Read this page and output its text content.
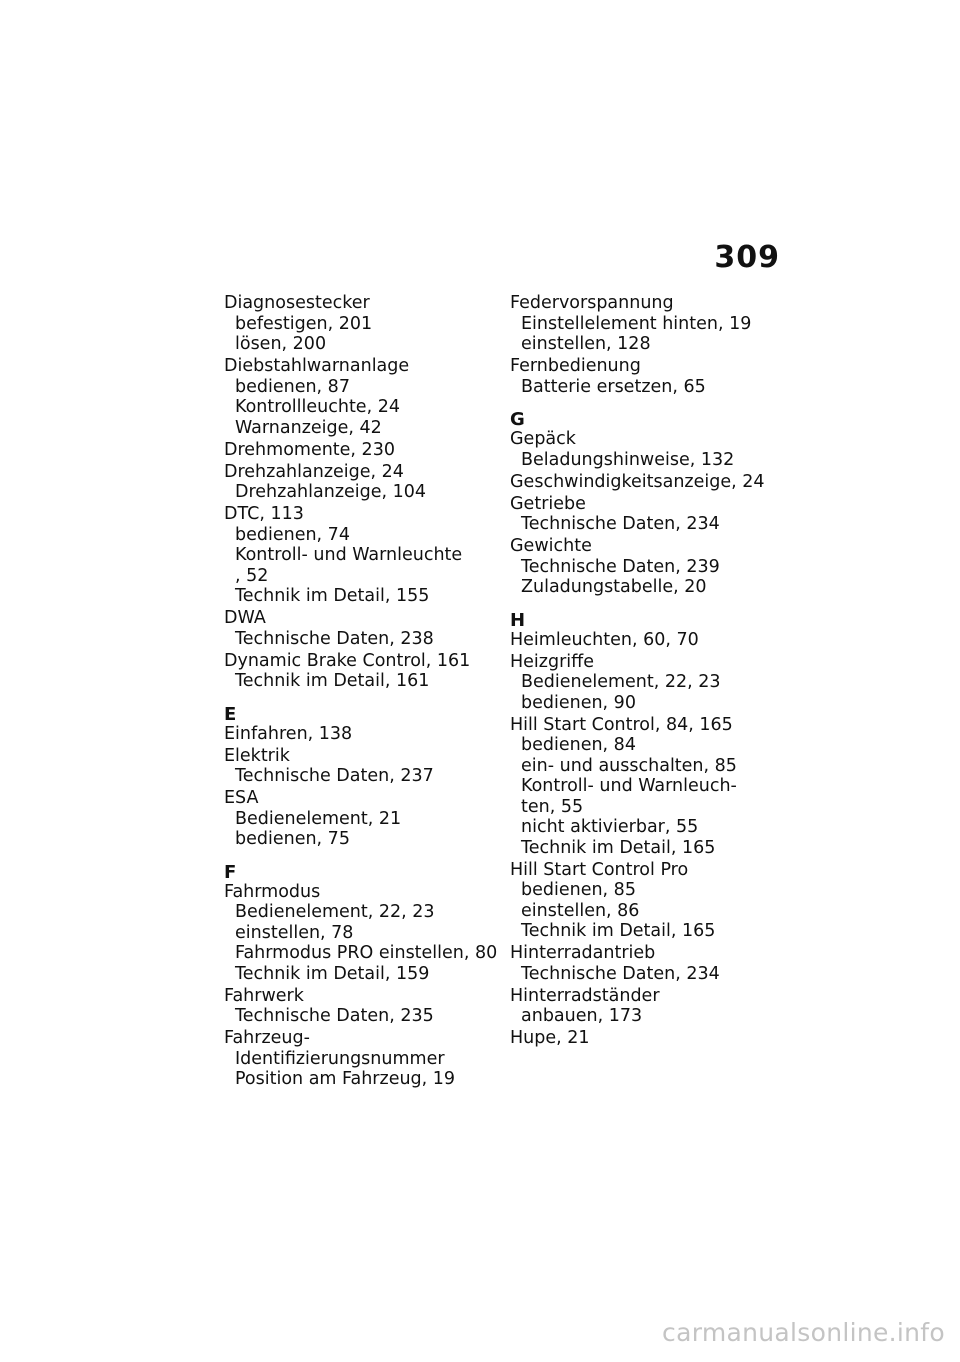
309
Diagnosestecker
befestigen, 201
lösen, 200
Diebstahlwarnanlage
bedienen, 87
Kontrollleuchte, 24
Warnanzeige, 42
Drehmomente, 230
Drehzahlanzeige, 24
Drehzahlanzeige, 104
DTC, 113
bedienen, 74
Kontroll- und Warnleuchte
, 52
Technik im Detail, 155
DWA
Technische Daten, 238
Dynamic Brake Control, 161
Technik im Detail, 161
E
Einfahren, 138
Elektrik
Technische Daten, 237
ESA
Bedienelement, 21
bedienen, 75
F
Fahrmodus
Bedienelement, 22, 23
einstellen, 78
Fahrmodus PRO einstellen, 80
Technik im Detail, 159
Fahrwerk
Technische Daten, 235
Fahrzeug-
Identifizierungsnummer
Position am Fahrzeug, 19
Federvorspannung
Einstellelement hinten, 19
einstellen, 128
Fernbedienung
Batterie ersetzen, 65
G
Gepäck
Beladungshinweise, 132
Geschwindigkeitsanzeige, 24
Getriebe
Technische Daten, 234
Gewichte
Technische Daten, 239
Zuladungstabelle, 20
H
Heimleuchten, 60, 70
Heizgriffe
Bedienelement, 22, 23
bedienen, 90
Hill Start Control, 84, 165
bedienen, 84
ein- und ausschalten, 85
Kontroll- und Warnleuch-
ten, 55
nicht aktivierbar, 55
Technik im Detail, 165
Hill Start Control Pro
bedienen, 85
einstellen, 86
Technik im Detail, 165
Hinterradantrieb
Technische Daten, 234
Hinterradständer
anbauen, 173
Hupe, 21
carmanualsonline.info
